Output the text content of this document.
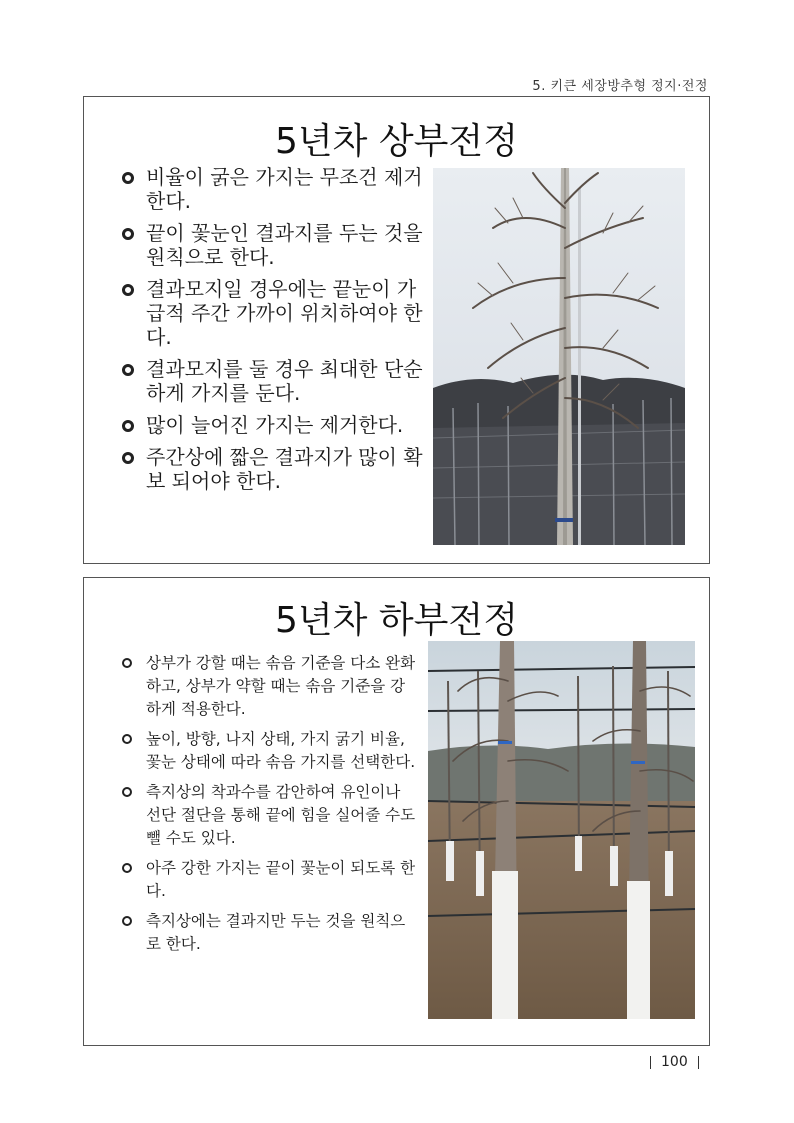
5. 키큰 세장방추형 정지·전정
5년차 상부전정
비율이 굵은 가지는 무조건 제거한다.
끝이 꽃눈인 결과지를 두는 것을 원칙으로 한다.
결과모지일 경우에는 끝눈이 가급적 주간 가까이 위치하여야 한다.
결과모지를 둘 경우 최대한 단순하게 가지를 둔다.
많이 늘어진 가지는 제거한다.
주간상에 짧은 결과지가 많이 확보 되어야 한다.
5년차 하부전정
상부가 강할 때는 솎음 기준을 다소 완화하고, 상부가 약할 때는 솎음 기준을 강하게 적용한다.
높이, 방향, 나지 상태, 가지 굵기 비율, 꽃눈 상태에 따라 솎음 가지를 선택한다.
측지상의 착과수를 감안하여 유인이나 선단 절단을 통해 끝에 힘을 실어줄 수도 뺄 수도 있다.
아주 강한 가지는 끝이 꽃눈이 되도록 한다.
측지상에는 결과지만 두는 것을 원칙으로 한다.
100
